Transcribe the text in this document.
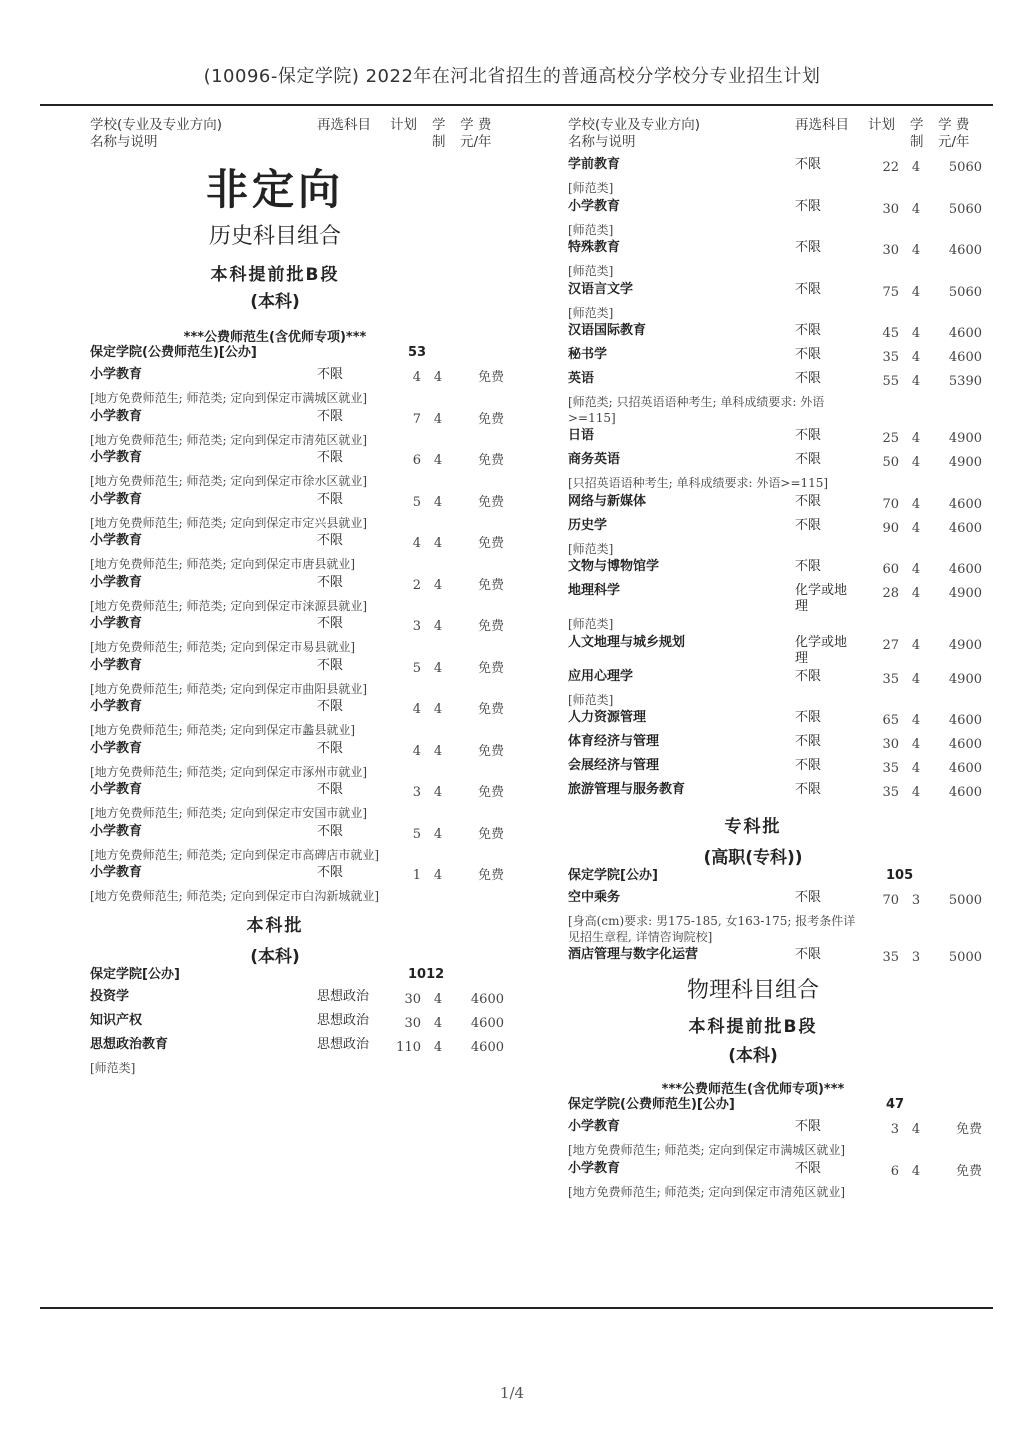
(10096-保定学院) 2022年在河北省招生的普通高校分学校分专业招生计划
学校(专业及专业方向)
名称与说明
再选科目 计划 学
制
学 费
元/年
非定向
历史科目组合
本科提前批B段
(本科)
***公费师范生(含优师专项)***
保定学院(公费师范生)[公办]	53
小学教育	不限	4 4	免费
[地方免费师范生; 师范类; 定向到保定市满城区就业]
小学教育	不限	7 4	免费
[地方免费师范生; 师范类; 定向到保定市清苑区就业]
小学教育	不限	6 4	免费
[地方免费师范生; 师范类; 定向到保定市徐水区就业]
小学教育	不限	5 4	免费
[地方免费师范生; 师范类; 定向到保定市定兴县就业]
小学教育	不限	4 4	免费
[地方免费师范生; 师范类; 定向到保定市唐县就业]
小学教育	不限	2 4	免费
[地方免费师范生; 师范类; 定向到保定市涞源县就业]
小学教育	不限	3 4	免费
[地方免费师范生; 师范类; 定向到保定市易县就业]
小学教育	不限	5 4	免费
[地方免费师范生; 师范类; 定向到保定市曲阳县就业]
小学教育	不限	4 4	免费
[地方免费师范生; 师范类; 定向到保定市蠡县就业]
小学教育	不限	4 4	免费
[地方免费师范生; 师范类; 定向到保定市涿州市就业]
小学教育	不限	3 4	免费
[地方免费师范生; 师范类; 定向到保定市安国市就业]
小学教育	不限	5 4	免费
[地方免费师范生; 师范类; 定向到保定市高碑店市就业]
小学教育	不限	1 4	免费
[地方免费师范生; 师范类; 定向到保定市白沟新城就业]
本科批
(本科)
保定学院[公办]	1012
投资学	思想政治	30 4	4600
知识产权	思想政治	30 4	4600
思想政治教育	思想政治	110 4	4600
[师范类]
学校(专业及专业方向)
名称与说明
再选科目 计划 学
制
学 费
元/年
学前教育	不限	22 4	5060
[师范类]
小学教育	不限	30 4	5060
[师范类]
特殊教育	不限	30 4	4600
[师范类]
汉语言文学	不限	75 4	5060
[师范类]
汉语国际教育	不限	45 4	4600
秘书学	不限	35 4	4600
英语	不限	55 4	5390
[师范类; 只招英语语种考生; 单科成绩要求: 外语>=115]
日语	不限	25 4	4900
商务英语	不限	50 4	4900
[只招英语语种考生; 单科成绩要求: 外语>=115]
网络与新媒体	不限	70 4	4600
历史学	不限	90 4	4600
[师范类]
文物与博物馆学	不限	60 4	4600
地理科学	化学或地理
28 4	4900
[师范类]
人文地理与城乡规划	化学或地理
27 4	4900
应用心理学	不限	35 4	4900
[师范类]
人力资源管理	不限	65 4	4600
体育经济与管理	不限	30 4	4600
会展经济与管理	不限	35 4	4600
旅游管理与服务教育	不限	35 4	4600
专科批
(高职(专科))
保定学院[公办]	105
空中乘务	不限	70 3	5000
[身高(cm)要求: 男175-185, 女163-175; 报考条件详见招生章程, 详情咨询院校]
酒店管理与数字化运营	不限	35 3	5000
物理科目组合
本科提前批B段
(本科)
***公费师范生(含优师专项)***
保定学院(公费师范生)[公办]	47
小学教育	不限	3 4	免费
[地方免费师范生; 师范类; 定向到保定市满城区就业]
小学教育	不限	6 4	免费
[地方免费师范生; 师范类; 定向到保定市清苑区就业]
1/4
